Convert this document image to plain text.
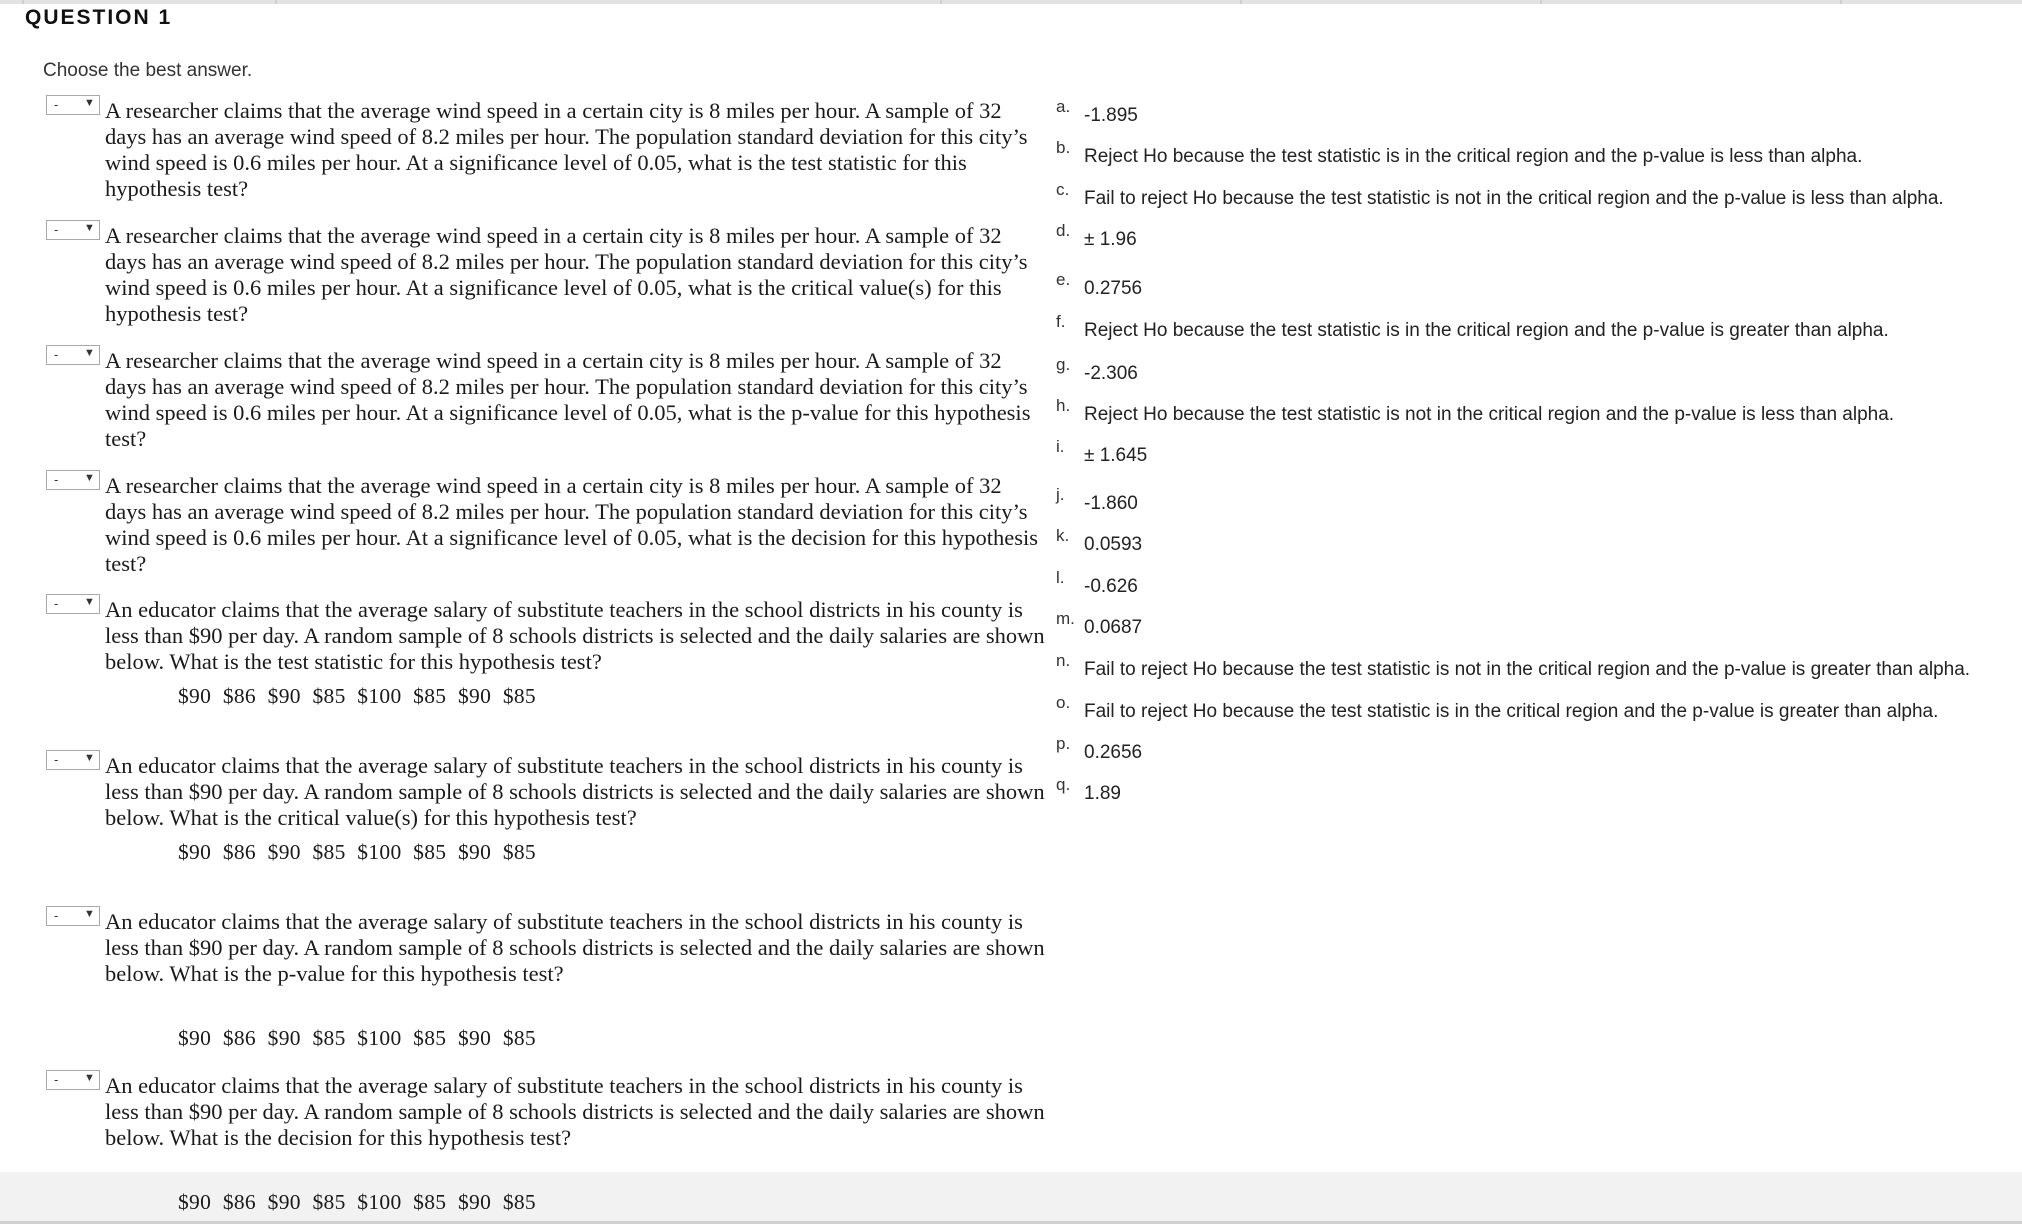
QUESTION 1
Choose the best answer.
- ▼ A researcher claims that the average wind speed in a certain city is 8 miles per hour. A sample of 32 days has an average wind speed of 8.2 miles per hour. The population standard deviation for this city’s wind speed is 0.6 miles per hour. At a significance level of 0.05, what is the test statistic for this hypothesis test?
- ▼ A researcher claims that the average wind speed in a certain city is 8 miles per hour. A sample of 32 days has an average wind speed of 8.2 miles per hour. The population standard deviation for this city’s wind speed is 0.6 miles per hour. At a significance level of 0.05, what is the critical value(s) for this hypothesis test?
- ▼ A researcher claims that the average wind speed in a certain city is 8 miles per hour. A sample of 32 days has an average wind speed of 8.2 miles per hour. The population standard deviation for this city’s wind speed is 0.6 miles per hour. At a significance level of 0.05, what is the p-value for this hypothesis test?
- ▼ A researcher claims that the average wind speed in a certain city is 8 miles per hour. A sample of 32 days has an average wind speed of 8.2 miles per hour. The population standard deviation for this city’s wind speed is 0.6 miles per hour. At a significance level of 0.05, what is the decision for this hypothesis test?
- ▼ An educator claims that the average salary of substitute teachers in the school districts in his county is less than $90 per day. A random sample of 8 schools districts is selected and the daily salaries are shown below. What is the test statistic for this hypothesis test?
$90 $86 $90 $85 $100 $85 $90 $85
- ▼ An educator claims that the average salary of substitute teachers in the school districts in his county is less than $90 per day. A random sample of 8 schools districts is selected and the daily salaries are shown below. What is the critical value(s) for this hypothesis test?
$90 $86 $90 $85 $100 $85 $90 $85
- ▼ An educator claims that the average salary of substitute teachers in the school districts in his county is less than $90 per day. A random sample of 8 schools districts is selected and the daily salaries are shown below. What is the p-value for this hypothesis test?
$90 $86 $90 $85 $100 $85 $90 $85
- ▼ An educator claims that the average salary of substitute teachers in the school districts in his county is less than $90 per day. A random sample of 8 schools districts is selected and the daily salaries are shown below. What is the decision for this hypothesis test?
$90 $86 $90 $85 $100 $85 $90 $85
a. -1.895
b. Reject Ho because the test statistic is in the critical region and the p-value is less than alpha.
c. Fail to reject Ho because the test statistic is not in the critical region and the p-value is less than alpha.
d. ± 1.96
e. 0.2756
f. Reject Ho because the test statistic is in the critical region and the p-value is greater than alpha.
g. -2.306
h. Reject Ho because the test statistic is not in the critical region and the p-value is less than alpha.
i. ± 1.645
j. -1.860
k. 0.0593
l. -0.626
m. 0.0687
n. Fail to reject Ho because the test statistic is not in the critical region and the p-value is greater than alpha.
o. Fail to reject Ho because the test statistic is in the critical region and the p-value is greater than alpha.
p. 0.2656
q. 1.89
